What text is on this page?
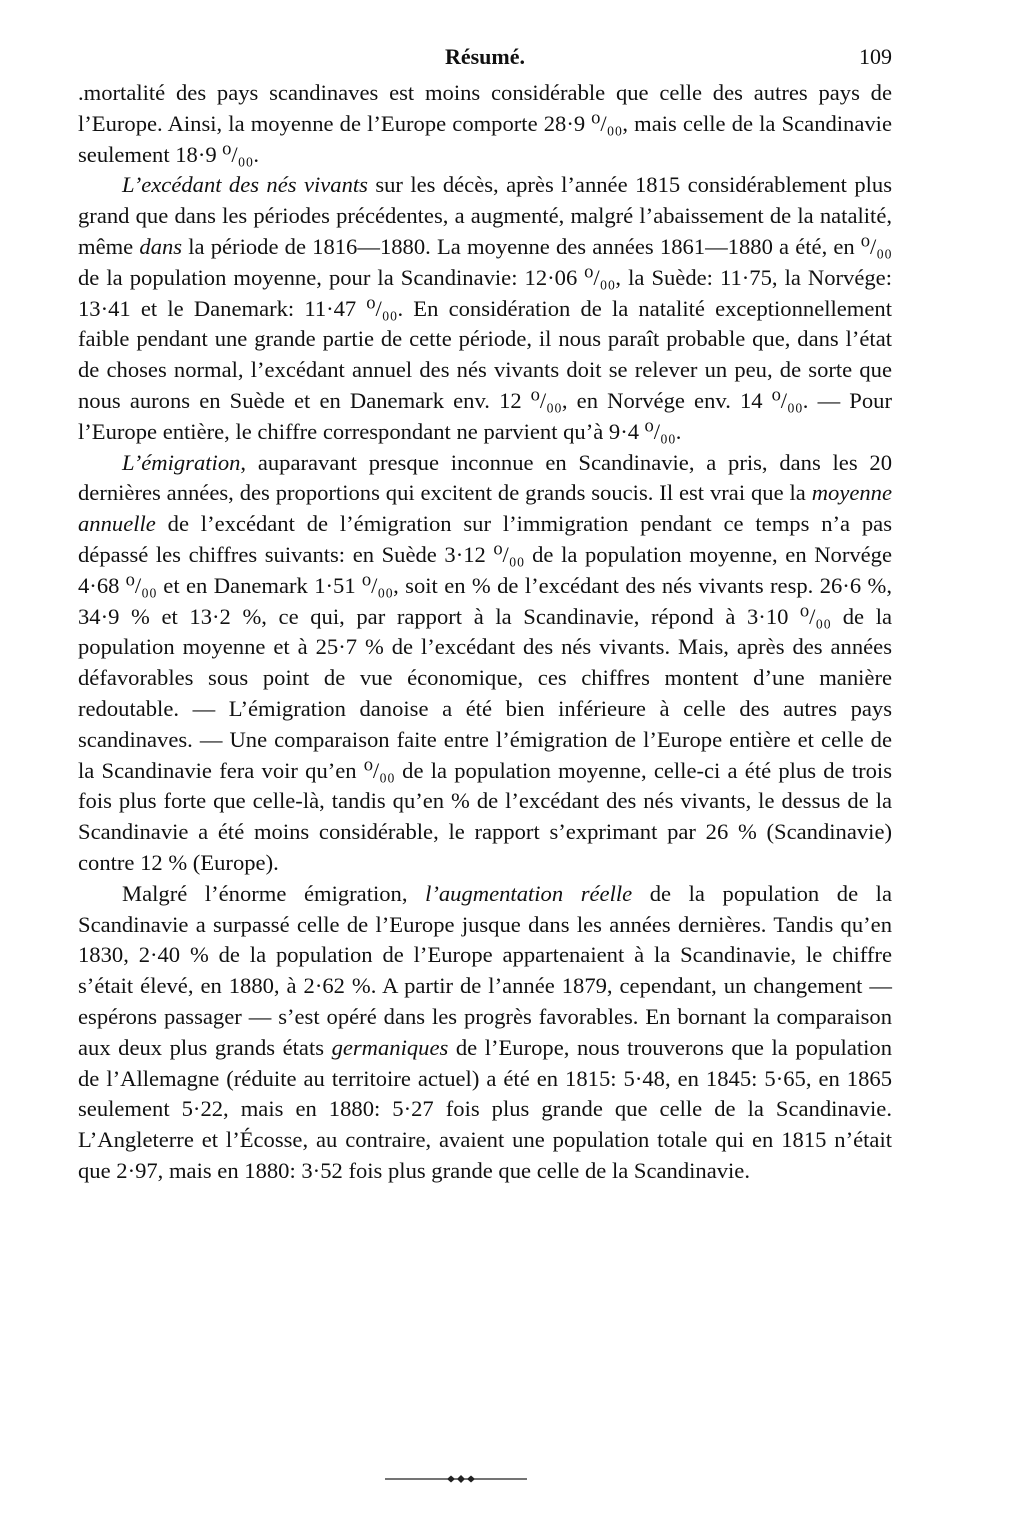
Résumé.	109

.mortalité des pays scandinaves est moins considérable que celle des autres pays de l’Europe. Ainsi, la moyenne de l’Europe comporte 28·9 ⁰/₀₀, mais celle de la Scandinavie seulement 18·9 ⁰/₀₀.

L’excédant des nés vivants sur les décès, après l’année 1815 considérablement plus grand que dans les périodes précédentes, a augmenté, malgré l’abaissement de la natalité, même dans la période de 1816—1880. La moyenne des années 1861—1880 a été, en ⁰/₀₀ de la population moyenne, pour la Scandinavie: 12·06 ⁰/₀₀, la Suède: 11·75, la Norvége: 13·41 et le Danemark: 11·47 ⁰/₀₀. En considération de la natalité exceptionnellement faible pendant une grande partie de cette période, il nous paraît probable que, dans l’état de choses normal, l’excédant annuel des nés vivants doit se relever un peu, de sorte que nous aurons en Suède et en Danemark env. 12 ⁰/₀₀, en Norvége env. 14 ⁰/₀₀. — Pour l’Europe entière, le chiffre correspondant ne parvient qu’à 9·4 ⁰/₀₀.

L’émigration, auparavant presque inconnue en Scandinavie, a pris, dans les 20 dernières années, des proportions qui excitent de grands soucis. Il est vrai que la moyenne annuelle de l’excédant de l’émigration sur l’immigration pendant ce temps n’a pas dépassé les chiffres suivants: en Suède 3·12 ⁰/₀₀ de la population moyenne, en Norvége 4·68 ⁰/₀₀ et en Danemark 1·51 ⁰/₀₀, soit en % de l’excédant des nés vivants resp. 26·6 %, 34·9 % et 13·2 %, ce qui, par rapport à la Scandinavie, répond à 3·10 ⁰/₀₀ de la population moyenne et à 25·7 % de l’excédant des nés vivants. Mais, après des années défavorables sous point de vue économique, ces chiffres montent d’une manière redoutable. — L’émigration danoise a été bien inférieure à celle des autres pays scandinaves. — Une comparaison faite entre l’émigration de l’Europe entière et celle de la Scandinavie fera voir qu’en ⁰/₀₀ de la population moyenne, celle-ci a été plus de trois fois plus forte que celle-là, tandis qu’en % de l’excédant des nés vivants, le dessus de la Scandinavie a été moins considérable, le rapport s’exprimant par 26 % (Scandinavie) contre 12 % (Europe).

Malgré l’énorme émigration, l’augmentation réelle de la population de la Scandinavie a surpassé celle de l’Europe jusque dans les années dernières. Tandis qu’en 1830, 2·40 % de la population de l’Europe appartenaient à la Scandinavie, le chiffre s’était élevé, en 1880, à 2·62 %. A partir de l’année 1879, cependant, un changement — espérons passager — s’est opéré dans les progrès favorables. En bornant la comparaison aux deux plus grands états germaniques de l’Europe, nous trouverons que la population de l’Allemagne (réduite au territoire actuel) a été en 1815: 5·48, en 1845: 5·65, en 1865 seulement 5·22, mais en 1880: 5·27 fois plus grande que celle de la Scandinavie. L’Angleterre et l’Écosse, au contraire, avaient une population totale qui en 1815 n’était que 2·97, mais en 1880: 3·52 fois plus grande que celle de la Scandinavie.
